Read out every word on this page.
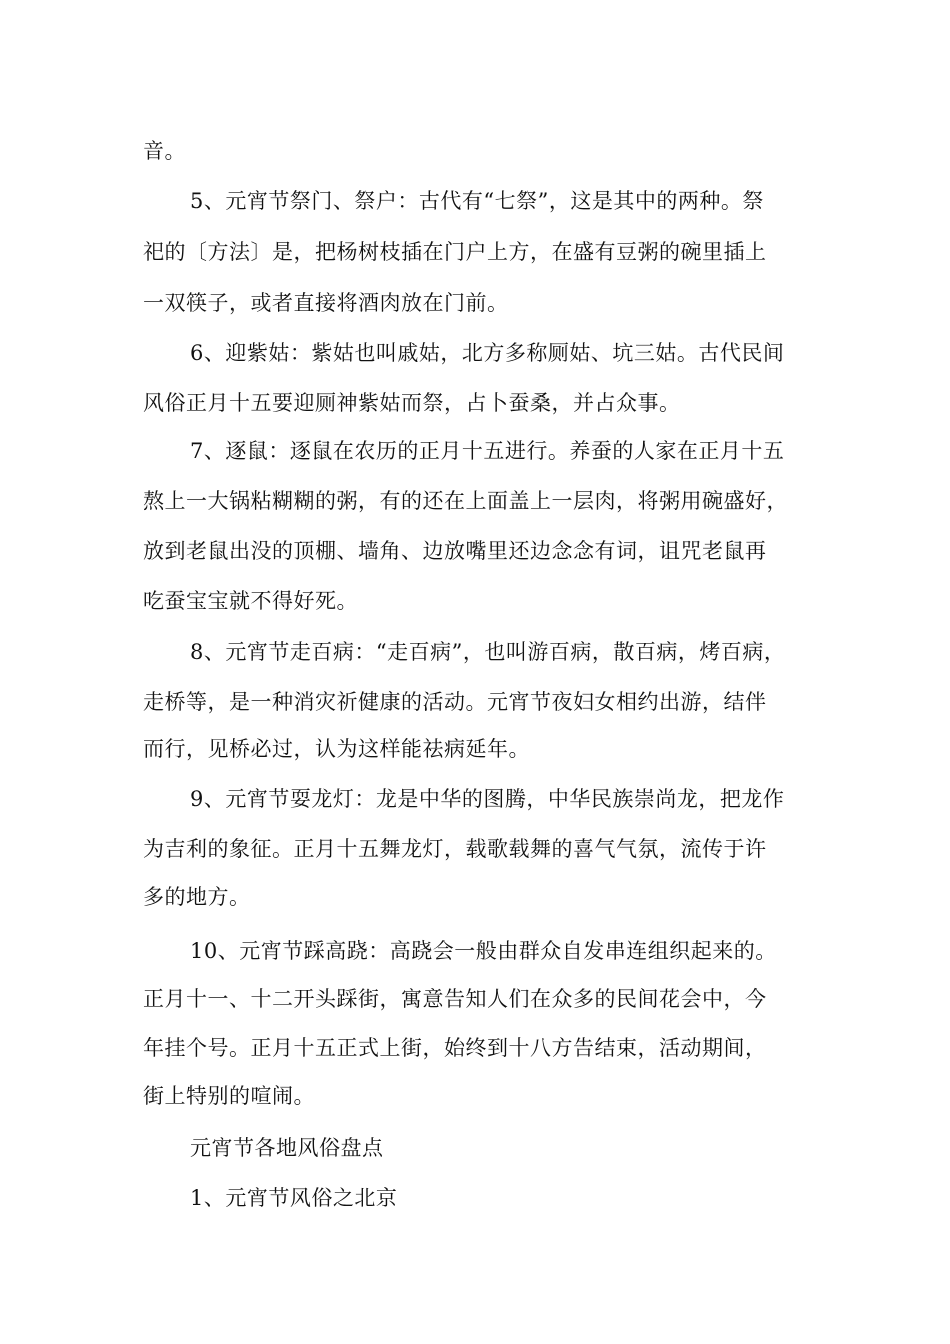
音。
5、元宵节祭门、祭户：古代有“七祭”，这是其中的两种。祭
祀的〔方法〕是，把杨树枝插在门户上方，在盛有豆粥的碗里插上
一双筷子，或者直接将酒肉放在门前。
6、迎紫姑：紫姑也叫戚姑，北方多称厕姑、坑三姑。古代民间
风俗正月十五要迎厕神紫姑而祭，占卜蚕桑，并占众事。
7、逐鼠：逐鼠在农历的正月十五进行。养蚕的人家在正月十五
熬上一大锅粘糊糊的粥，有的还在上面盖上一层肉，将粥用碗盛好，
放到老鼠出没的顶棚、墙角、边放嘴里还边念念有词，诅咒老鼠再
吃蚕宝宝就不得好死。
8、元宵节走百病：“走百病”，也叫游百病，散百病，烤百病，
走桥等，是一种消灾祈健康的活动。元宵节夜妇女相约出游，结伴
而行，见桥必过，认为这样能祛病延年。
9、元宵节耍龙灯：龙是中华的图腾，中华民族崇尚龙，把龙作
为吉利的象征。正月十五舞龙灯，载歌载舞的喜气气氛，流传于许
多的地方。
10、元宵节踩高跷：高跷会一般由群众自发串连组织起来的。
正月十一、十二开头踩街，寓意告知人们在众多的民间花会中，今
年挂个号。正月十五正式上街，始终到十八方告结束，活动期间，
街上特别的喧闹。
元宵节各地风俗盘点
1、元宵节风俗之北京
